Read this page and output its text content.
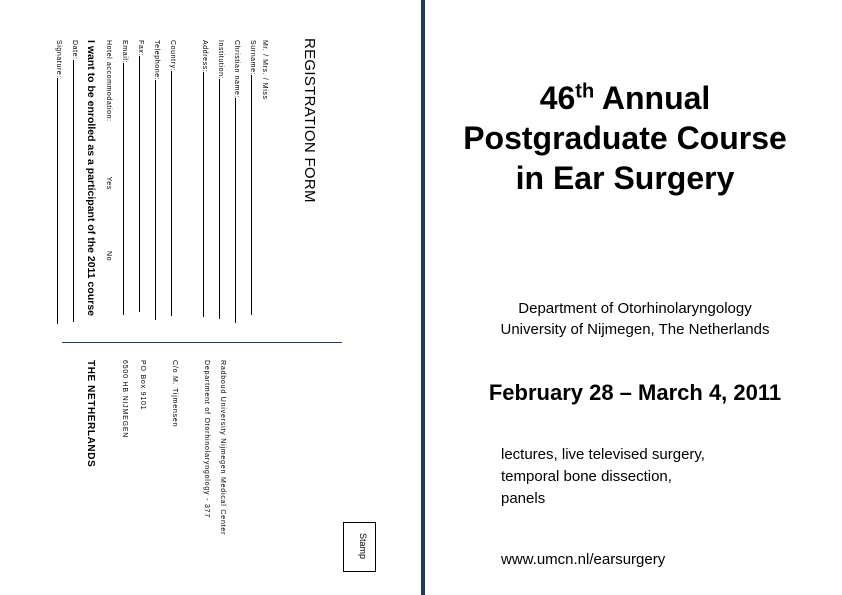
REGISTRATION FORM
Mr. / Mrs. / Miss
Surname:
Christian name:
Institution:
Address:
Country:
Telephone:
Fax:
Email:
Hotel accommodation:  Yes  No
I want to be enrolled as a participant of the 2011 course
Date:
Signature:
Radboud University Nijmegen Medical Center
Department of Otorhinolaryngology - 377
C/o M. Tijmensen
PO Box 9101
6500 HB NIJMEGEN
THE NETHERLANDS
Stamp
46th Annual
Postgraduate Course
in Ear Surgery
Department of Otorhinolaryngology
University of Nijmegen, The Netherlands
February 28 – March 4, 2011
lectures, live televised surgery,
temporal bone dissection,
panels
www.umcn.nl/earsurgery
